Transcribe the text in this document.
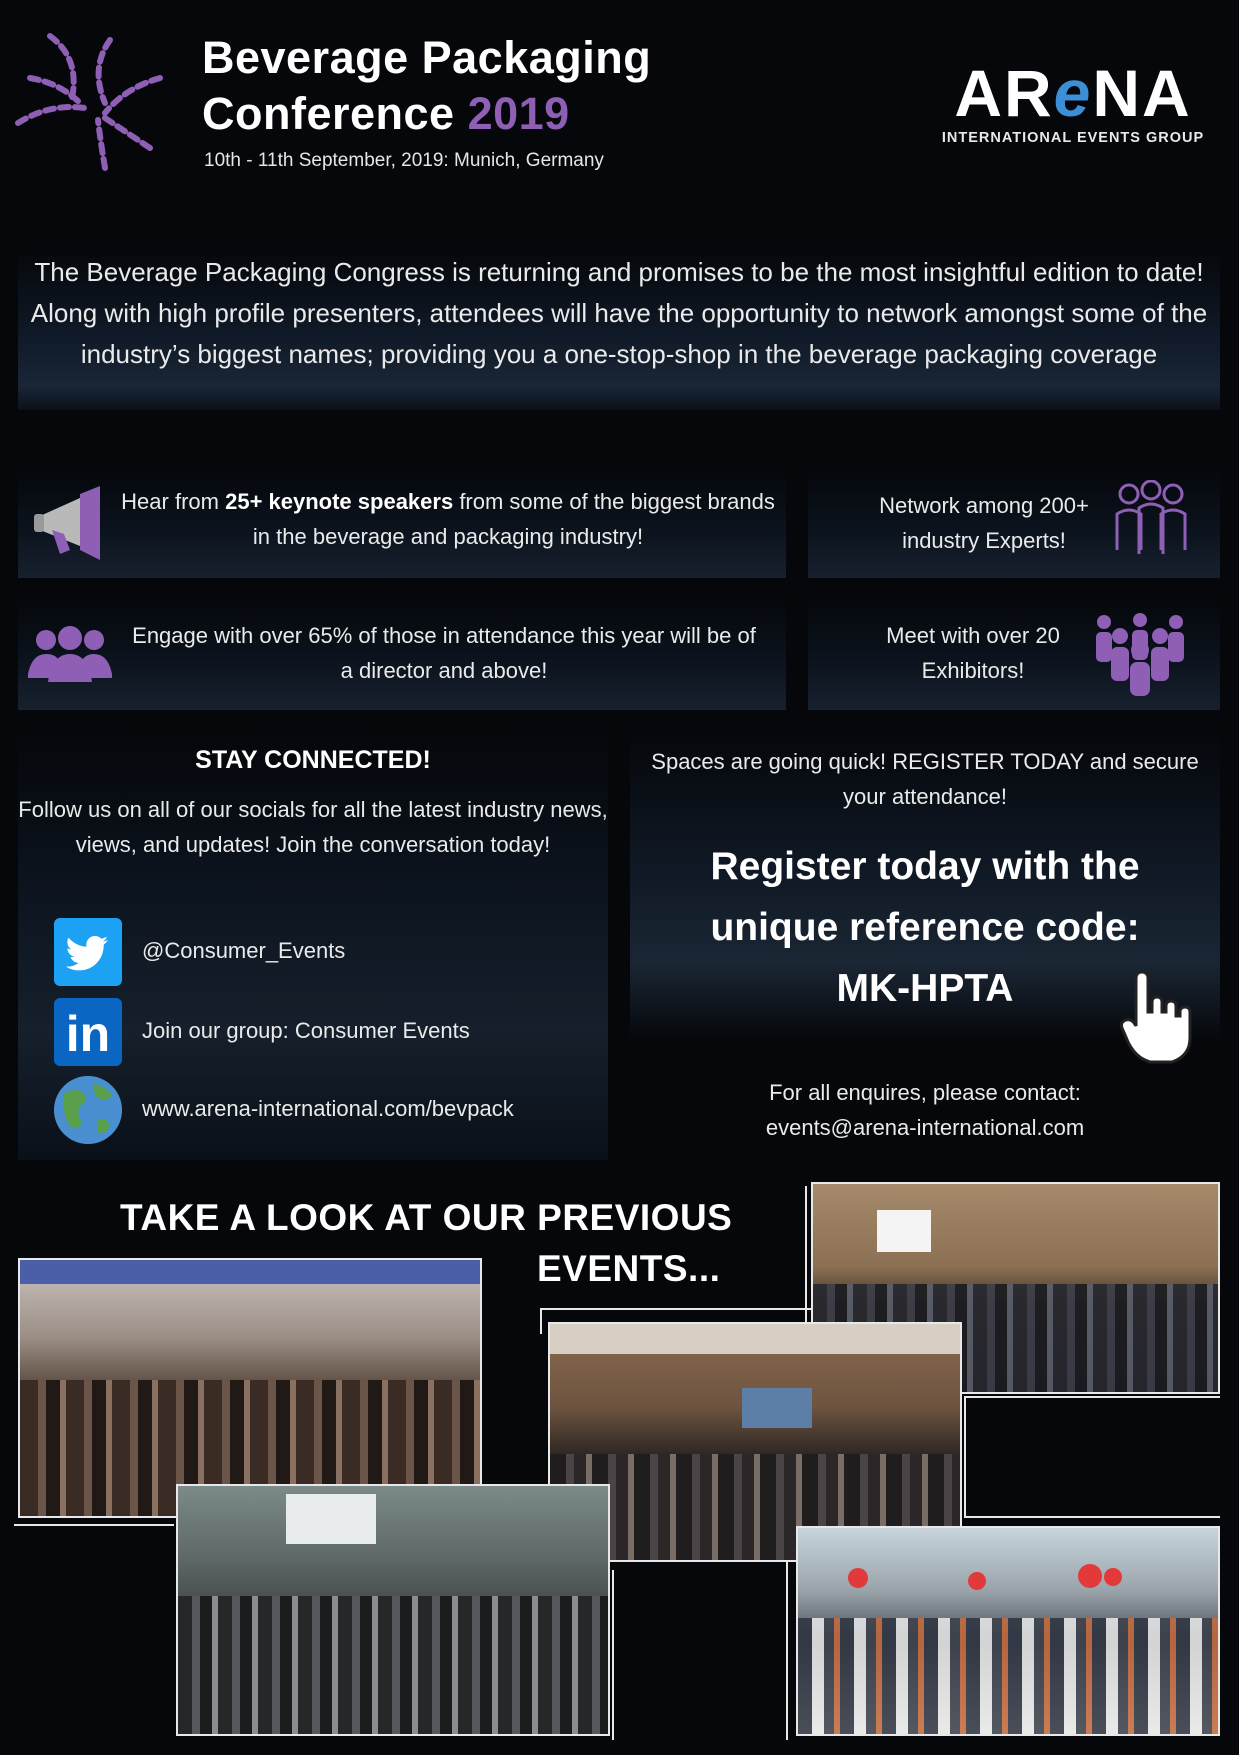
Beverage Packaging
Conference 2019
10th - 11th September, 2019: Munich, Germany
AReNA
INTERNATIONAL EVENTS GROUP
The Beverage Packaging Congress is returning and promises to be the most insightful edition to date! Along with high profile presenters, attendees will have the opportunity to network amongst some of the industry’s biggest names; providing you a one-stop-shop in the beverage packaging coverage
Hear from 25+ keynote speakers from some of the biggest brands in the beverage and packaging industry!
Network among 200+ industry Experts!
Engage with over 65% of those in attendance this year will be of a director and above!
Meet with over 20 Exhibitors!
STAY CONNECTED!
Follow us on all of our socials for all the latest industry news, views, and updates! Join the conversation today!
@Consumer_Events
in	Join our group: Consumer Events
www.arena-international.com/bevpack
Spaces are going quick! REGISTER TODAY and secure your attendance!
Register today with the
unique reference code:
MK-HPTA
For all enquires, please contact:
events@arena-international.com
TAKE A LOOK AT OUR PREVIOUS
EVENTS...
